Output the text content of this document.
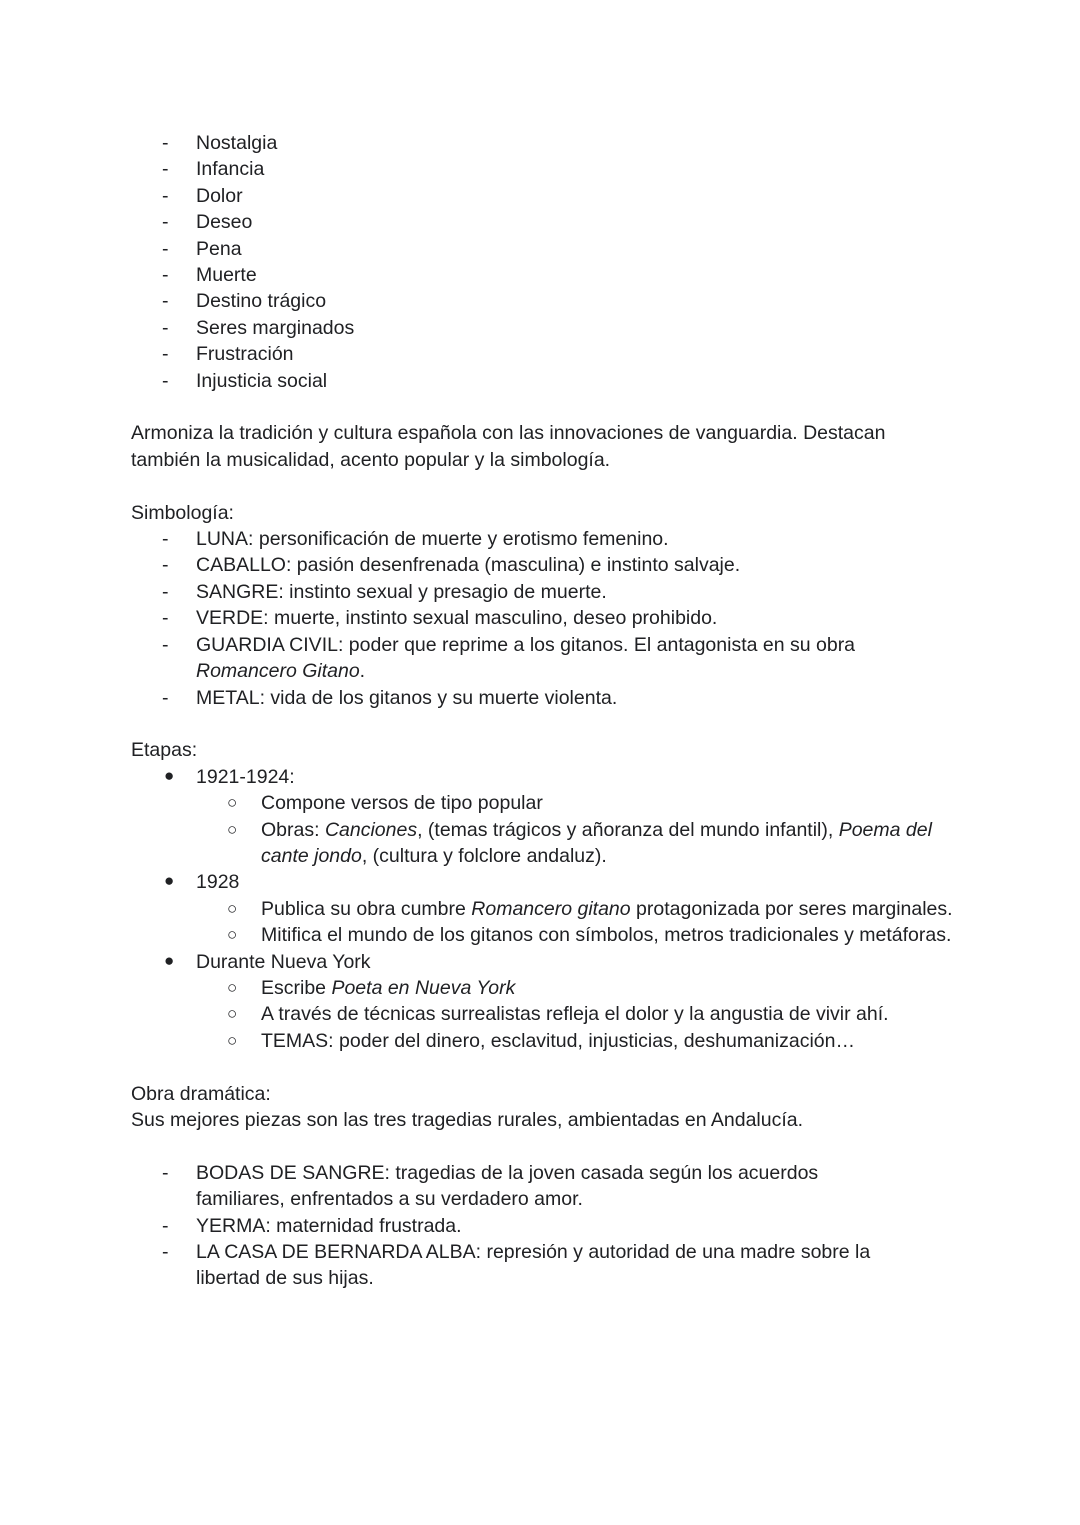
- Nostalgia
- Infancia
- Dolor
- Deseo
- Pena
- Muerte
- Destino trágico
- Seres marginados
- Frustración
- Injusticia social
Armoniza la tradición y cultura española con las innovaciones de vanguardia. Destacan también la musicalidad, acento popular y la simbología.
Simbología:
- LUNA: personificación de muerte y erotismo femenino.
- CABALLO: pasión desenfrenada (masculina) e instinto salvaje.
- SANGRE: instinto sexual y presagio de muerte.
- VERDE: muerte, instinto sexual masculino, deseo prohibido.
- GUARDIA CIVIL: poder que reprime a los gitanos. El antagonista en su obra Romancero Gitano.
- METAL: vida de los gitanos y su muerte violenta.
Etapas:
● 1921-1924:
○ Compone versos de tipo popular
○ Obras: Canciones, (temas trágicos y añoranza del mundo infantil), Poema del cante jondo, (cultura y folclore andaluz).
● 1928
○ Publica su obra cumbre Romancero gitano protagonizada por seres marginales.
○ Mitifica el mundo de los gitanos con símbolos, metros tradicionales y metáforas.
● Durante Nueva York
○ Escribe Poeta en Nueva York
○ A través de técnicas surrealistas refleja el dolor y la angustia de vivir ahí.
○ TEMAS: poder del dinero, esclavitud, injusticias, deshumanización…
Obra dramática:
Sus mejores piezas son las tres tragedias rurales, ambientadas en Andalucía.
- BODAS DE SANGRE: tragedias de la joven casada según los acuerdos familiares, enfrentados a su verdadero amor.
- YERMA: maternidad frustrada.
- LA CASA DE BERNARDA ALBA: represión y autoridad de una madre sobre la libertad de sus hijas.
